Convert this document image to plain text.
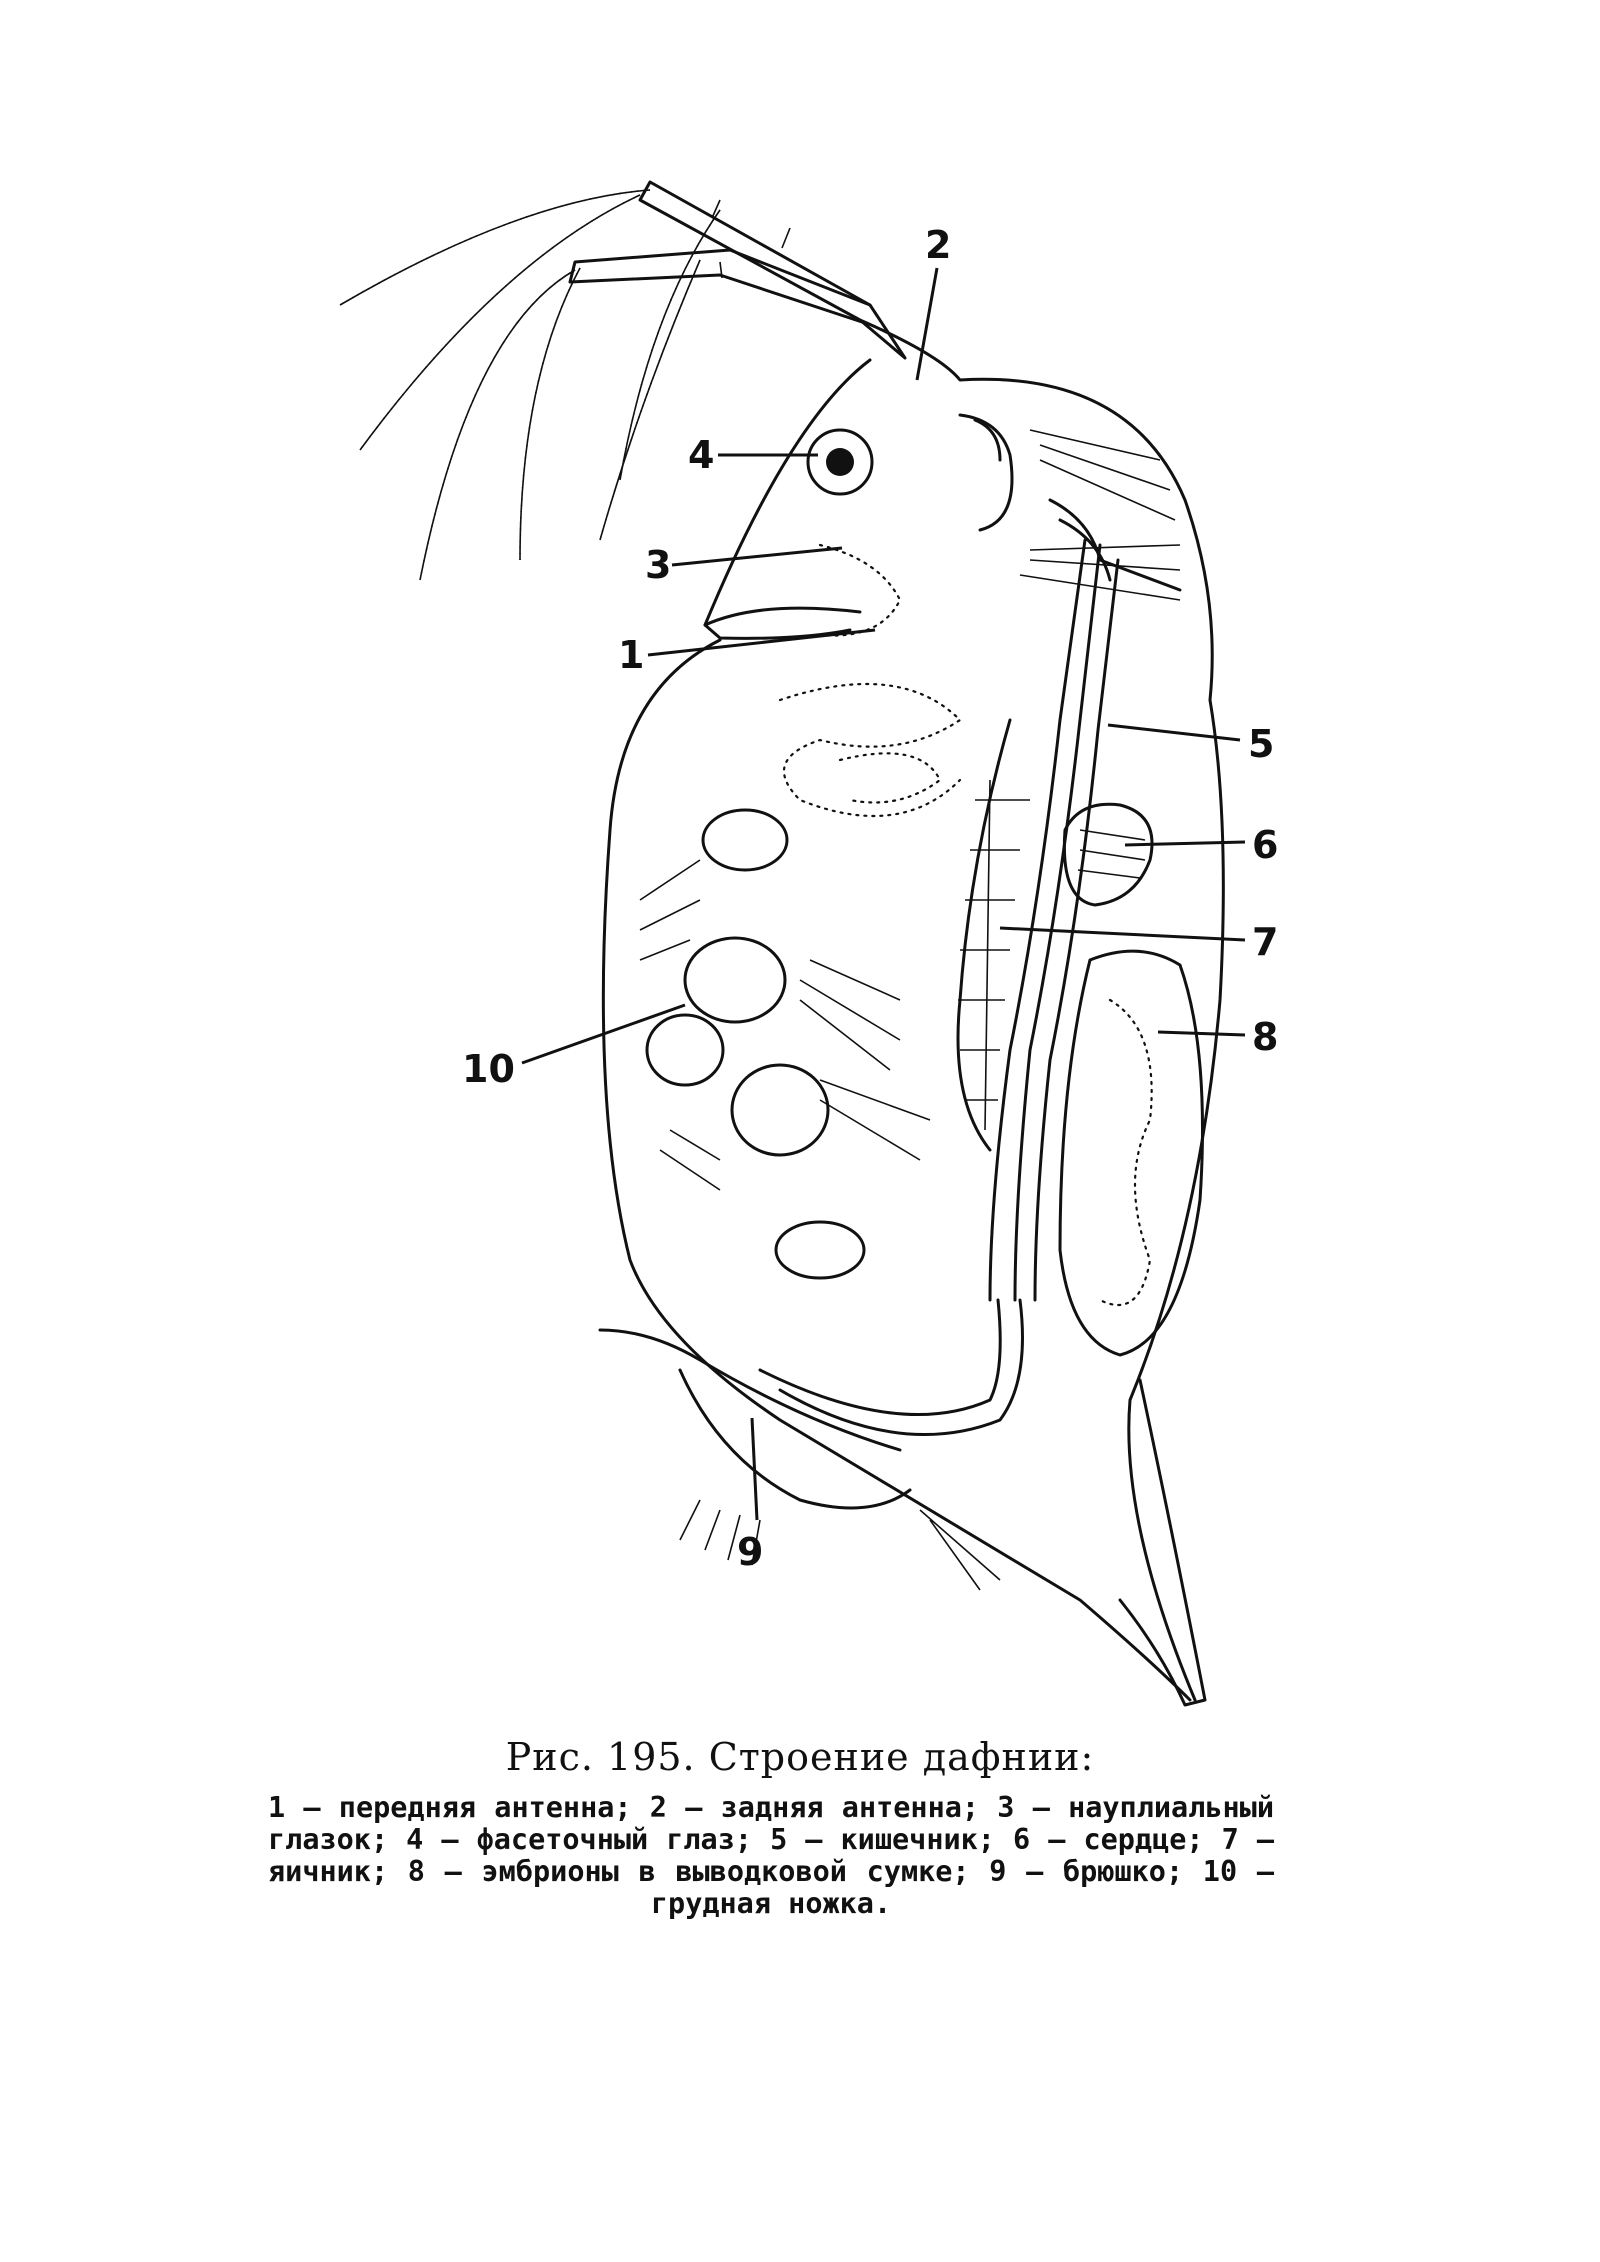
1
2
3
4
5
6
7
8
9
10
Рис. 195. Строение дафнии:
1 — передняя антенна; 2 — задняя антенна; 3 — науплиальный глазок; 4 — фасеточный глаз; 5 — кишечник; 6 — сердце; 7 — яичник; 8 — эмбрионы в выводковой сумке; 9 — брюшко; 10 — грудная ножка.
